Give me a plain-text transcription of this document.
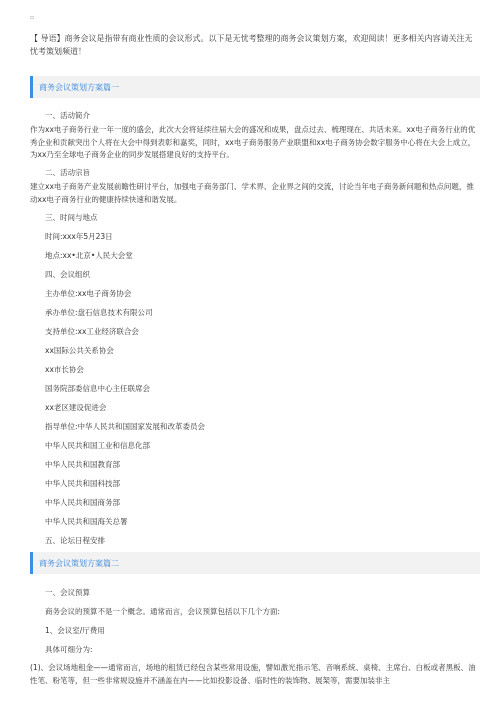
▫
【 导语】商务会议是指带有商业性质的会议形式。以下是无忧考整理的商务会议策划方案，欢迎阅读！更多相关内容请关注无忧考策划频道！
商务会议策划方案篇一
一、活动简介
作为xx电子商务行业一年一度的盛会，此次大会将延续往届大会的盛况和成果，盘点过去、梳理现在、共话未来。xx电子商务行业的优秀企业和贡献突出个人将在大会中得到表彰和嘉奖，同时，xx电子商务服务产业联盟和xx电子商务协会数字服务中心将在大会上成立，为xx乃至全球电子商务企业的同步发展搭建良好的支持平台。
二、活动宗旨
建立xx电子商务产业发展前瞻性研讨平台，加强电子商务部门、学术界、企业界之间的交流，讨论当年电子商务新问题和热点问题，推动xx电子商务行业的健康持续快速和谐发展。
三、时间与地点
时间:xxx年5月23日
地点:xx•北京•人民大会堂
四、会议组织
主办单位:xx电子商务协会
承办单位:盘石信息技术有限公司
支持单位:xx工业经济联合会
xx国际公共关系协会
xx市长协会
国务院部委信息中心主任联席会
xx老区建设促进会
指导单位:中华人民共和国国家发展和改革委员会
中华人民共和国工业和信息化部
中华人民共和国教育部
中华人民共和国科技部
中华人民共和国商务部
中华人民共和国海关总署
五、论坛日程安排
商务会议策划方案篇二
一、会议预算
商务会议的预算不是一个概念。通常而言，会议预算包括以下几个方面:
1、会议室/厅费用
具体可细分为:
(1)、会议场地租金——通常而言，场地的租赁已经包含某些常用设施，譬如激光指示笔、音响系统、桌椅、主席台、白板或者黑板、油性笔、粉笔等，但一些非常规设施并不涵盖在内——比如投影设备、临时性的装饰物、展架等，需要加装非主
